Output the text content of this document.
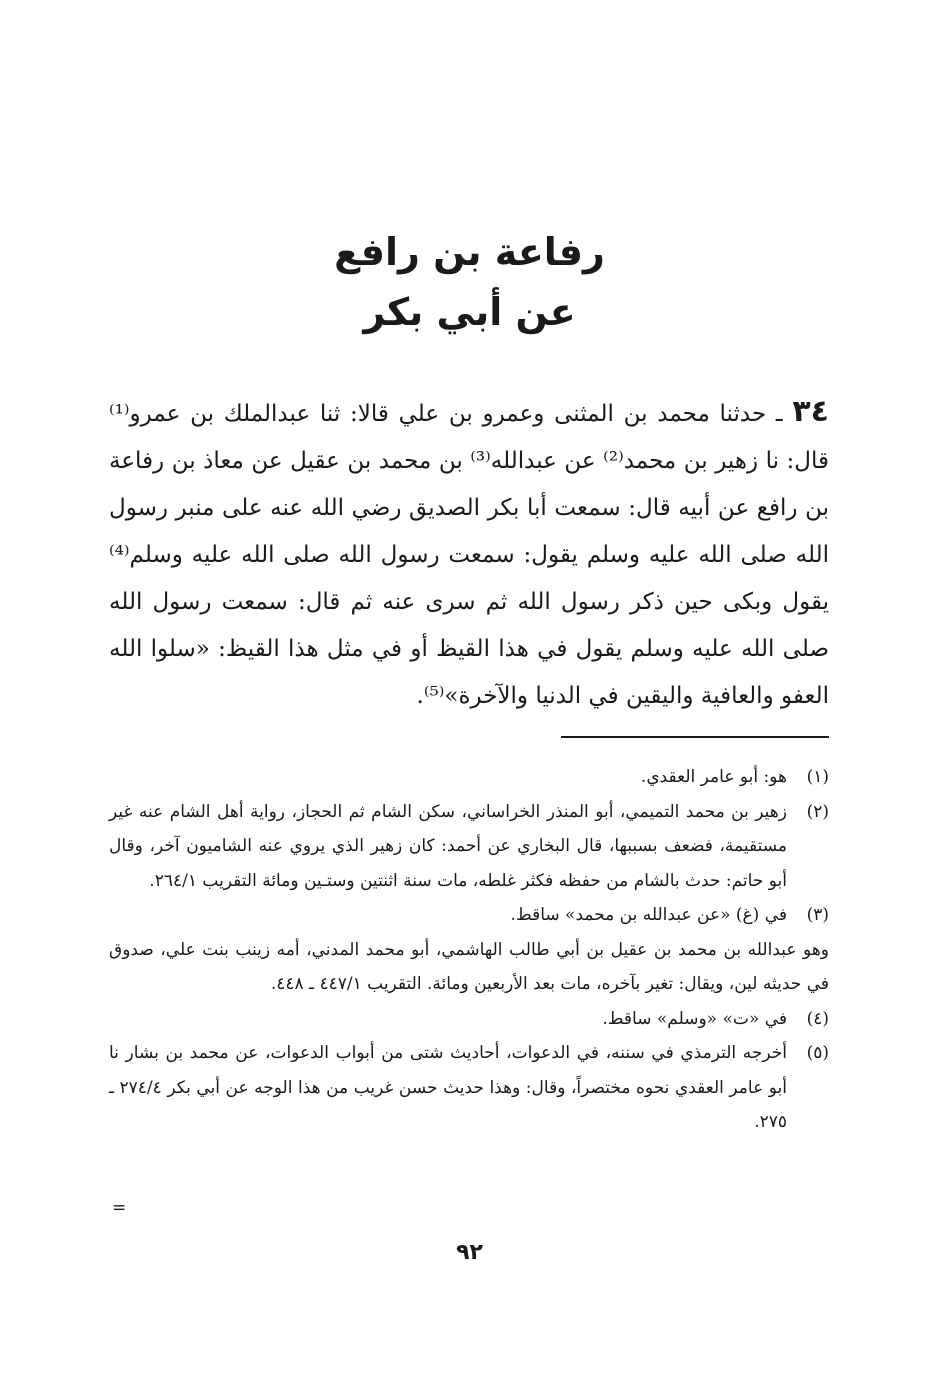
رفاعة بن رافع
عن أبي بكر
٣٤ ـ حدثنا محمد بن المثنى وعمرو بن علي قالا: ثنا عبدالملك بن عمرو⁽¹⁾ قال: نا زهير بن محمد⁽²⁾ عن عبدالله⁽³⁾ بن محمد بن عقيل عن معاذ بن رفاعة بن رافع عن أبيه قال: سمعت أبا بكر الصديق رضي الله عنه على منبر رسول الله صلى الله عليه وسلم يقول: سمعت رسول الله صلى الله عليه وسلم⁽⁴⁾ يقول وبكى حين ذكر رسول الله ثم سرى عنه ثم قال: سمعت رسول الله صلى الله عليه وسلم يقول في هذا القيظ أو في مثل هذا القيظ: «سلوا الله العفو والعافية واليقين في الدنيا والآخرة»⁽⁵⁾.
(١)
هو: أبو عامر العقدي.
(٢)
زهير بن محمد التميمي، أبو المنذر الخراساني، سكن الشام ثم الحجاز، رواية أهل الشام عنه غير مستقيمة، فضعف بسببها، قال البخاري عن أحمد: كان زهير الذي يروي عنه الشاميون آخر، وقال أبو حاتم: حدث بالشام من حفظه فكثر غلطه، مات سنة اثنتين وستـين ومائة التقريب ٢٦٤/١.
(٣)
في (غ) «عن عبدالله بن محمد» ساقط.
وهو عبدالله بن محمد بن عقيل بن أبي طالب الهاشمي، أبو محمد المدني، أمه زينب بنت علي، صدوق في حديثه لين، ويقال: تغير بآخره، مات بعد الأربعين ومائة. التقريب ٤٤٧/١ ـ ٤٤٨.
(٤)
في «ت» «وسلم» ساقط.
(٥)
أخرجه الترمذي في سننه، في الدعوات، أحاديث شتى من أبواب الدعوات، عن محمد بن بشار نا أبو عامر العقدي نحوه مختصراً، وقال: وهذا حديث حسن غريب من هذا الوجه عن أبي بكر ٢٧٤/٤ ـ ٢٧٥.
=
٩٢
